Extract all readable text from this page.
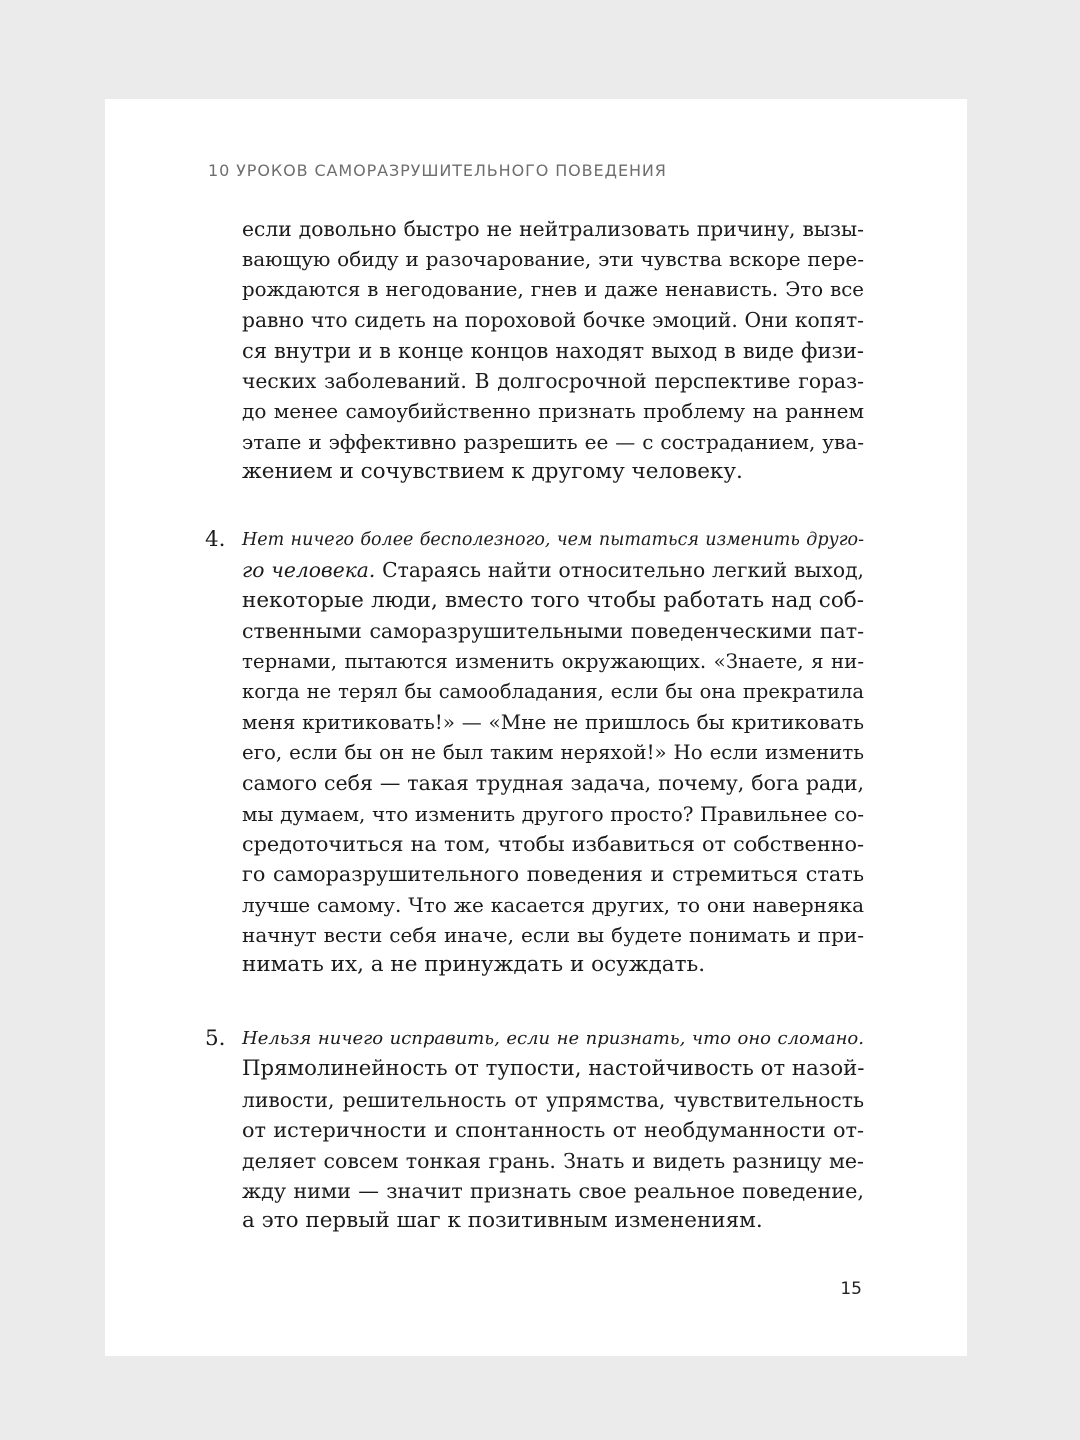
10 УРОКОВ САМОРАЗРУШИТЕЛЬНОГО ПОВЕДЕНИЯ
если довольно быстро не нейтрализовать причину, вызы-
вающую обиду и разочарование, эти чувства вскоре пере-
рождаются в негодование, гнев и даже ненависть. Это все
равно что сидеть на пороховой бочке эмоций. Они копят-
ся внутри и в конце концов находят выход в виде физи-
ческих заболеваний. В долгосрочной перспективе гораз-
до менее самоубийственно признать проблему на раннем
этапе и эффективно разрешить ее — с состраданием, ува-
жением и сочувствием к другому человеку.
4. Нет ничего более бесполезного, чем пытаться изменить друго-
го человека. Стараясь найти относительно легкий выход,
некоторые люди, вместо того чтобы работать над соб-
ственными саморазрушительными поведенческими пат-
тернами, пытаются изменить окружающих. «Знаете, я ни-
когда не терял бы самообладания, если бы она прекратила
меня критиковать!» — «Мне не пришлось бы критиковать
его, если бы он не был таким неряхой!» Но если изменить
самого себя — такая трудная задача, почему, бога ради,
мы думаем, что изменить другого просто? Правильнее со-
средоточиться на том, чтобы избавиться от собственно-
го саморазрушительного поведения и стремиться стать
лучше самому. Что же касается других, то они наверняка
начнут вести себя иначе, если вы будете понимать и при-
нимать их, а не принуждать и осуждать.
5. Нельзя ничего исправить, если не признать, что оно сломано.
Прямолинейность от тупости, настойчивость от назой-
ливости, решительность от упрямства, чувствительность
от истеричности и спонтанность от необдуманности от-
деляет совсем тонкая грань. Знать и видеть разницу ме-
жду ними — значит признать свое реальное поведение,
а это первый шаг к позитивным изменениям.
15
